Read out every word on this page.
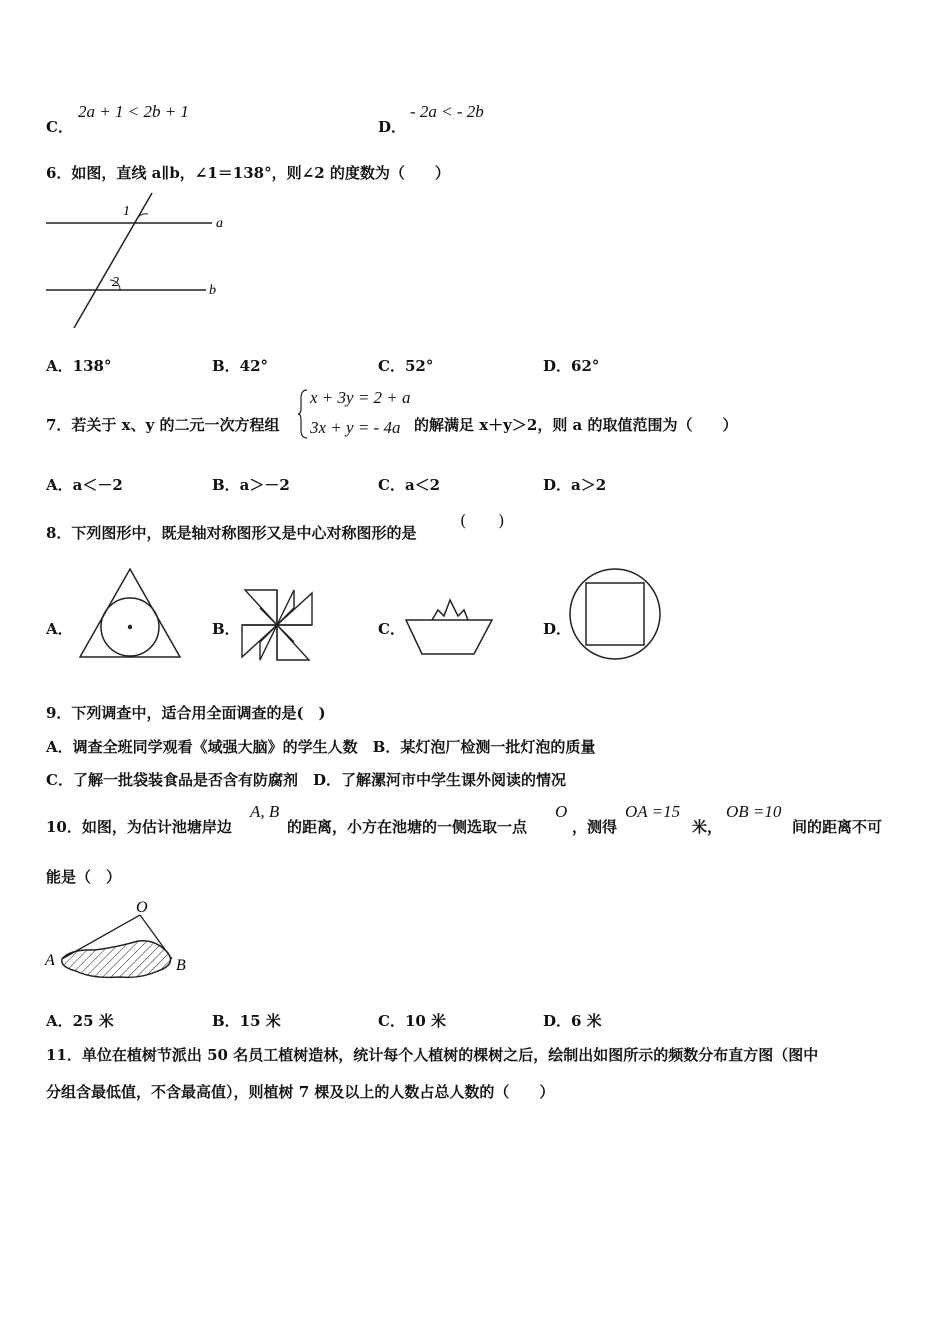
C．
2a + 1 < 2b + 1
D．
- 2a < - 2b
6．如图，直线 a∥b，∠1＝138°，则∠2 的度数为（　　）
1
2
a
b
A．138°	B．42°	C．52°	D．62°
7．若关于 x、y 的二元一次方程组
x + 3y = 2 + a
3x + y = - 4a 的解满足 x＋y＞2，则 a 的取值范围为（　　）
A．a＜－2	B．a＞－2	C．a＜2	D．a＞2
8．下列图形中，既是轴对称图形又是中心对称图形的是
(　　)
A．	B．	C．	D．
9．下列调查中，适合用全面调查的是(　)
A．调查全班同学观看《域强大脑》的学生人数　B．某灯泡厂检测一批灯泡的质量
C．了解一批袋装食品是否含有防腐剂　D．了解漯河市中学生课外阅读的情况
10．如图，为估计池塘岸边
A, B
的距离，小方在池塘的一侧选取一点
O
，测得
OA =15
米，
OB =10
间的距离不可
能是（　）
O
A	B
A．25 米	B．15 米	C．10 米	D．6 米
11．单位在植树节派出 50 名员工植树造林，统计每个人植树的棵树之后，绘制出如图所示的频数分布直方图（图中
分组含最低值，不含最高值），则植树 7 棵及以上的人数占总人数的（　　）
